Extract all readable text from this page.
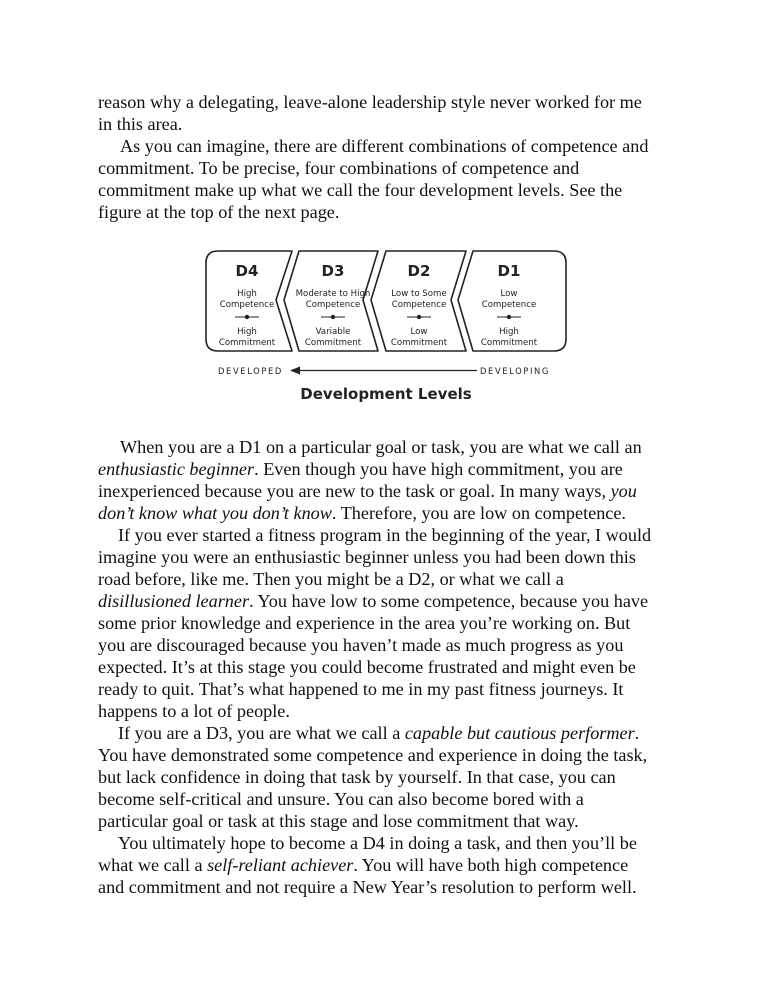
reason why a delegating, leave-alone leadership style never worked for me
in this area.

As you can imagine, there are different combinations of competence and
commitment. To be precise, four combinations of competence and
commitment make up what we call the four development levels. See the
figure at the top of the next page.

D4
High
Competence
High
Commitment
D3
Moderate to High
Competence
Variable
Commitment
D2
Low to Some
Competence
Low
Commitment
D1
Low
Competence
High
Commitment
DEVELOPED	DEVELOPING
Development Levels

When you are a D1 on a particular goal or task, you are what we call an
enthusiastic beginner. Even though you have high commitment, you are
inexperienced because you are new to the task or goal. In many ways, you
don’t know what you don’t know. Therefore, you are low on competence.

If you ever started a fitness program in the beginning of the year, I would
imagine you were an enthusiastic beginner unless you had been down this
road before, like me. Then you might be a D2, or what we call a
disillusioned learner. You have low to some competence, because you have
some prior knowledge and experience in the area you’re working on. But
you are discouraged because you haven’t made as much progress as you
expected. It’s at this stage you could become frustrated and might even be
ready to quit. That’s what happened to me in my past fitness journeys. It
happens to a lot of people.

If you are a D3, you are what we call a capable but cautious performer.
You have demonstrated some competence and experience in doing the task,
but lack confidence in doing that task by yourself. In that case, you can
become self-critical and unsure. You can also become bored with a
particular goal or task at this stage and lose commitment that way.

You ultimately hope to become a D4 in doing a task, and then you’ll be
what we call a self-reliant achiever. You will have both high competence
and commitment and not require a New Year’s resolution to perform well.
